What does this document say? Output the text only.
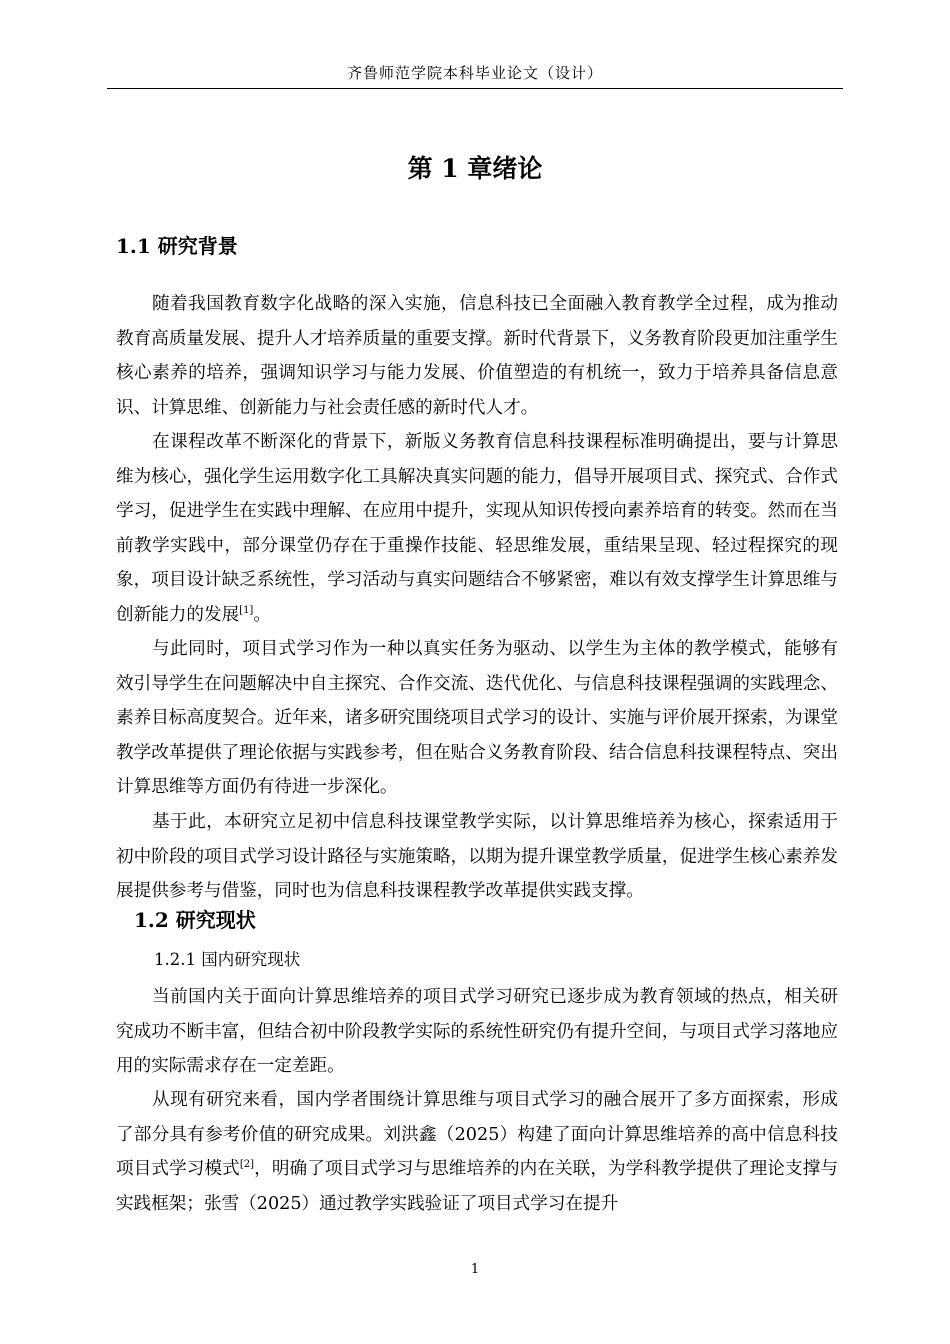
齐鲁师范学院本科毕业论文（设计）
第 1 章绪论
1.1 研究背景

随着我国教育数字化战略的深入实施，信息科技已全面融入教育教学全过程，成为推动教育高质量发展、提升人才培养质量的重要支撑。新时代背景下，义务教育阶段更加注重学生核心素养的培养，强调知识学习与能力发展、价值塑造的有机统一，致力于培养具备信息意识、计算思维、创新能力与社会责任感的新时代人才。

在课程改革不断深化的背景下，新版义务教育信息科技课程标准明确提出，要与计算思维为核心，强化学生运用数字化工具解决真实问题的能力，倡导开展项目式、探究式、合作式学习，促进学生在实践中理解、在应用中提升，实现从知识传授向素养培育的转变。然而在当前教学实践中，部分课堂仍存在于重操作技能、轻思维发展，重结果呈现、轻过程探究的现象，项目设计缺乏系统性，学习活动与真实问题结合不够紧密，难以有效支撑学生计算思维与创新能力的发展[1]。

与此同时，项目式学习作为一种以真实任务为驱动、以学生为主体的教学模式，能够有效引导学生在问题解决中自主探究、合作交流、迭代优化、与信息科技课程强调的实践理念、素养目标高度契合。近年来，诸多研究围绕项目式学习的设计、实施与评价展开探索，为课堂教学改革提供了理论依据与实践参考，但在贴合义务教育阶段、结合信息科技课程特点、突出计算思维等方面仍有待进一步深化。

基于此，本研究立足初中信息科技课堂教学实际，以计算思维培养为核心，探索适用于初中阶段的项目式学习设计路径与实施策略，以期为提升课堂教学质量，促进学生核心素养发展提供参考与借鉴，同时也为信息科技课程教学改革提供实践支撑。

1.2 研究现状
1.2.1 国内研究现状

当前国内关于面向计算思维培养的项目式学习研究已逐步成为教育领域的热点，相关研究成功不断丰富，但结合初中阶段教学实际的系统性研究仍有提升空间，与项目式学习落地应用的实际需求存在一定差距。

从现有研究来看，国内学者围绕计算思维与项目式学习的融合展开了多方面探索，形成了部分具有参考价值的研究成果。刘洪鑫（2025）构建了面向计算思维培养的高中信息科技项目式学习模式[2]，明确了项目式学习与思维培养的内在关联，为学科教学提供了理论支撑与实践框架；张雪（2025）通过教学实践验证了项目式学习在提升

1
